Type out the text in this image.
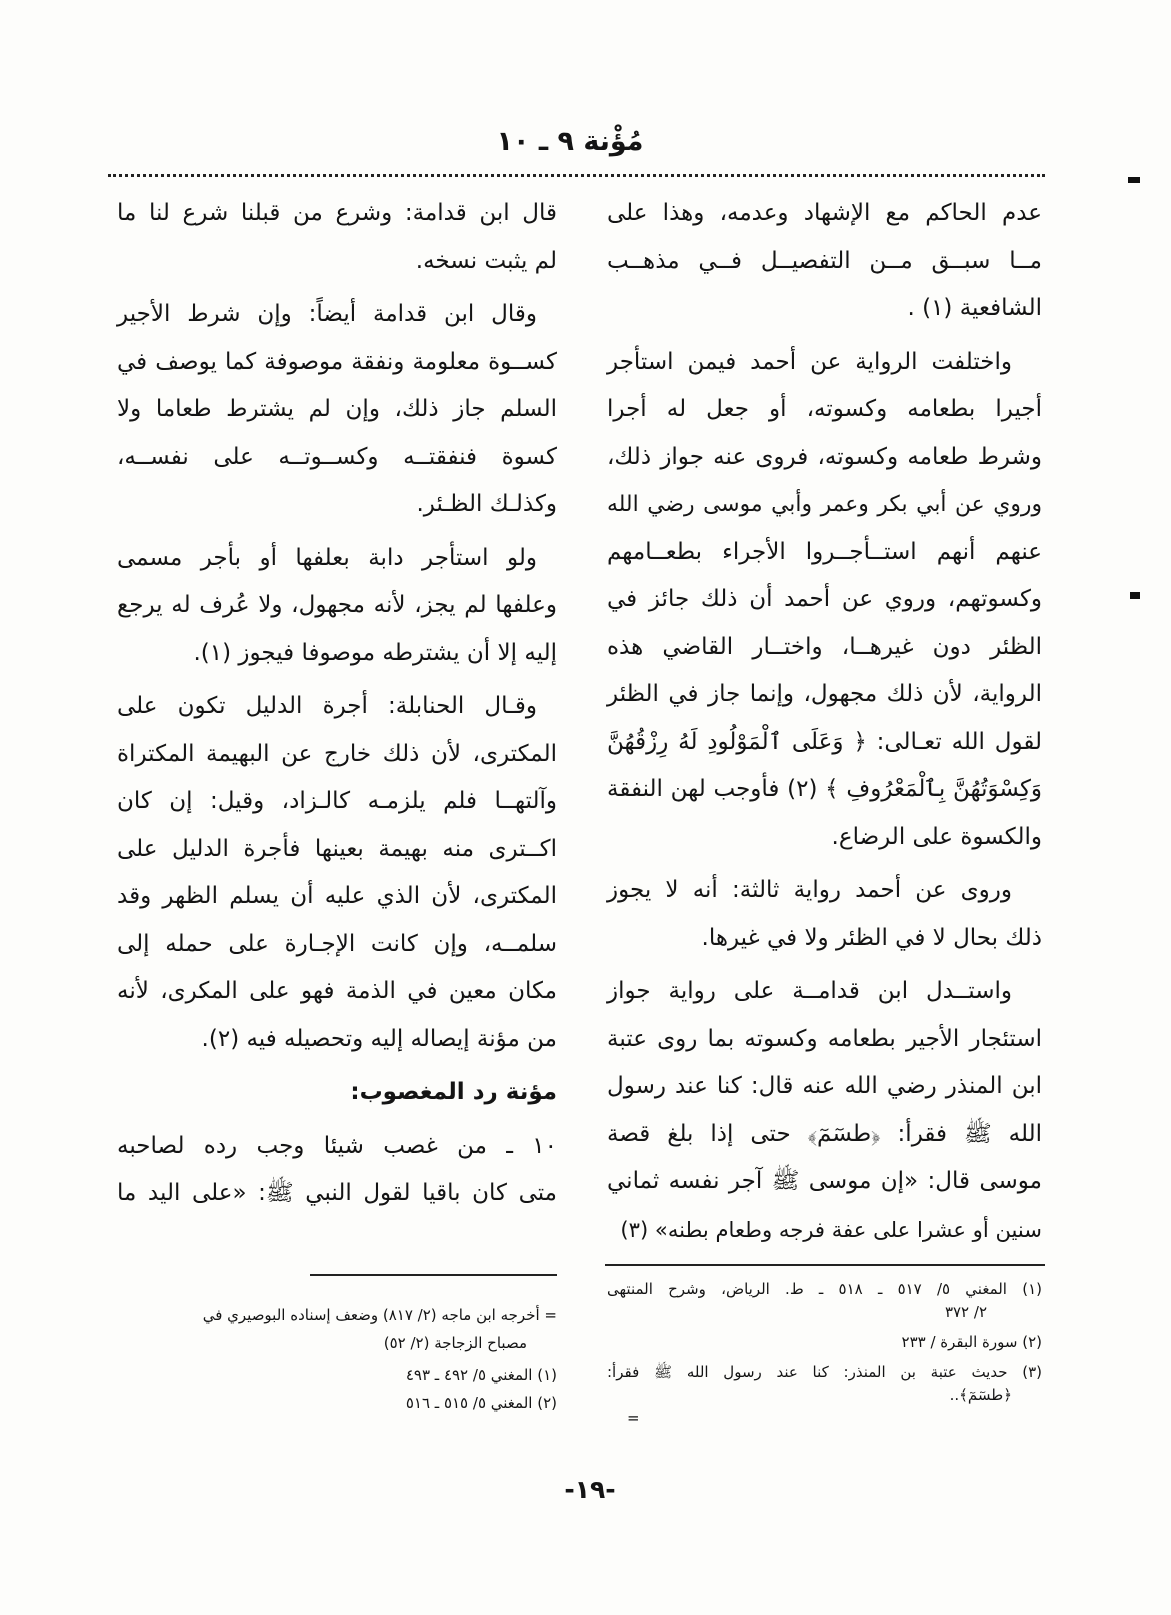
مُؤْنة ٩ ـ ١٠
عدم الحاكم مع الإشهاد وعدمه، وهذا على
مــا سبــق مــن التفصيــل فــي مذهــب
الشافعية (١) .
واختلفت الرواية عن أحمد فيمن استأجر
أجيرا بطعامه وكسوته، أو جعل له أجرا
وشرط طعامه وكسوته، فروى عنه جواز ذلك،
وروي عن أبي بكر وعمر وأبي موسى رضي الله
عنهم أنهم استــأجــروا الأجراء بطعــامهم
وكسوتهم، وروي عن أحمد أن ذلك جائز في
الظئر دون غيرهــا، واختــار القاضي هذه
الرواية، لأن ذلك مجهول، وإنما جاز في الظئر
لقول الله تعـالى: ﴿ وَعَلَى ٱلْمَوْلُودِ لَهُ رِزْقُهُنَّ
وَكِسْوَتُهُنَّ بِٱلْمَعْرُوفِ ﴾ (٢) فأوجب لهن النفقة
والكسوة على الرضاع.
وروى عن أحمد رواية ثالثة: أنه لا يجوز
ذلك بحال لا في الظئر ولا في غيرها.
واستــدل ابن قدامــة على رواية جواز
استئجار الأجير بطعامه وكسوته بما روى عتبة
ابن المنذر رضي الله عنه قال: كنا عند رسول
الله ﷺ فقرأ: ﴿طسٓمٓ﴾ حتى إذا بلغ قصة
موسى قال: «إن موسى ﷺ آجر نفسه ثماني
سنين أو عشرا على عفة فرجه وطعام بطنه» (٣)
قال ابن قدامة: وشرع من قبلنا شرع لنا ما
لم يثبت نسخه.
وقال ابن قدامة أيضاً: وإن شرط الأجير
كســوة معلومة ونفقة موصوفة كما يوصف في
السلم جاز ذلك، وإن لم يشترط طعاما ولا
كسوة فنفقتــه وكســوتــه على نفســه،
وكذلـك الظـئر.
ولو استأجر دابة بعلفها أو بأجر مسمى
وعلفها لم يجز، لأنه مجهول، ولا عُرف له يرجع
إليه إلا أن يشترطه موصوفا فيجوز (١).
وقـال الحنابلة: أجرة الدليل تكون على
المكترى، لأن ذلك خارج عن البهيمة المكتراة
وآلتهــا فلم يلزمـه كالـزاد، وقيل: إن كان
اكــترى منه بهيمة بعينها فأجرة الدليل على
المكترى، لأن الذي عليه أن يسلم الظهر وقد
سلمــه، وإن كانت الإجـارة على حمله إلى
مكان معين في الذمة فهو على المكرى، لأنه
من مؤنة إيصاله إليه وتحصيله فيه (٢).
مؤنة رد المغصوب:
١٠ ـ من غصب شيئا وجب رده لصاحبه
متى كان باقيا لقول النبي ﷺ: «على اليد ما
(١) المغني ٥/ ٥١٧ ـ ٥١٨ ـ ط. الرياض، وشرح المنتهى
٢/ ٣٧٢
(٢) سورة البقرة / ٢٣٣
(٣) حديث عتبة بن المنذر: كنا عند رسول الله ﷺ فقرأ:
﴿طسٓمٓ﴾..
=
= أخرجه ابن ماجه (٢/ ٨١٧) وضعف إسناده البوصيري في
مصباح الزجاجة (٢/ ٥٢)
(١) المغني ٥/ ٤٩٢ ـ ٤٩٣
(٢) المغني ٥/ ٥١٥ ـ ٥١٦
-١٩-
